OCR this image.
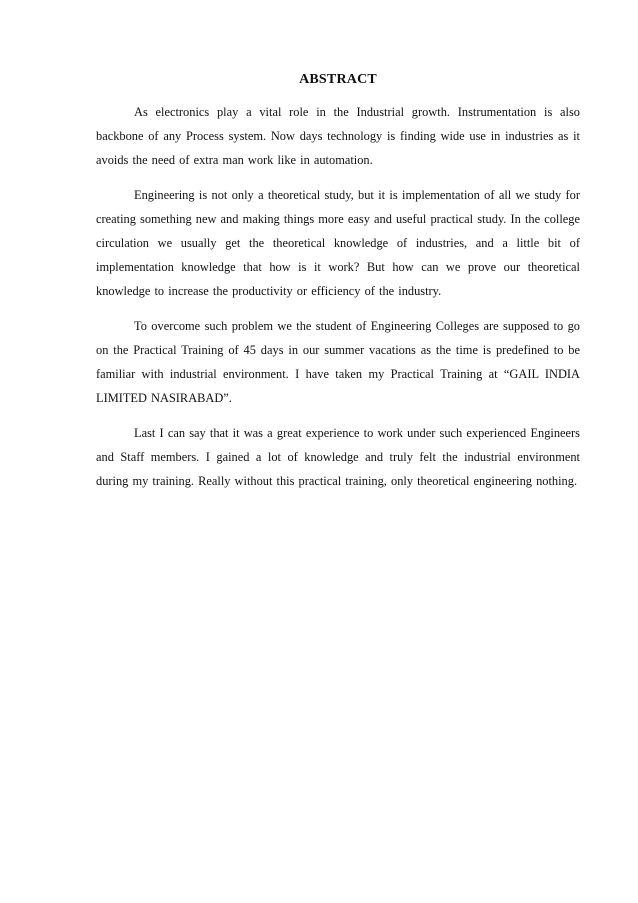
ABSTRACT

As electronics play a vital role in the Industrial growth. Instrumentation is also backbone of any Process system. Now days technology is finding wide use in industries as it avoids the need of extra man work like in automation.

Engineering is not only a theoretical study, but it is implementation of all we study for creating something new and making things more easy and useful practical study. In the college circulation we usually get the theoretical knowledge of industries, and a little bit of implementation knowledge that how is it work? But how can we prove our theoretical knowledge to increase the productivity or efficiency of the industry.

To overcome such problem we the student of Engineering Colleges are supposed to go on the Practical Training of 45 days in our summer vacations as the time is predefined to be familiar with industrial environment. I have taken my Practical Training at “GAIL INDIA LIMITED NASIRABAD”.

Last I can say that it was a great experience to work under such experienced Engineers and Staff members. I gained a lot of knowledge and truly felt the industrial environment during my training. Really without this practical training, only theoretical engineering nothing.
